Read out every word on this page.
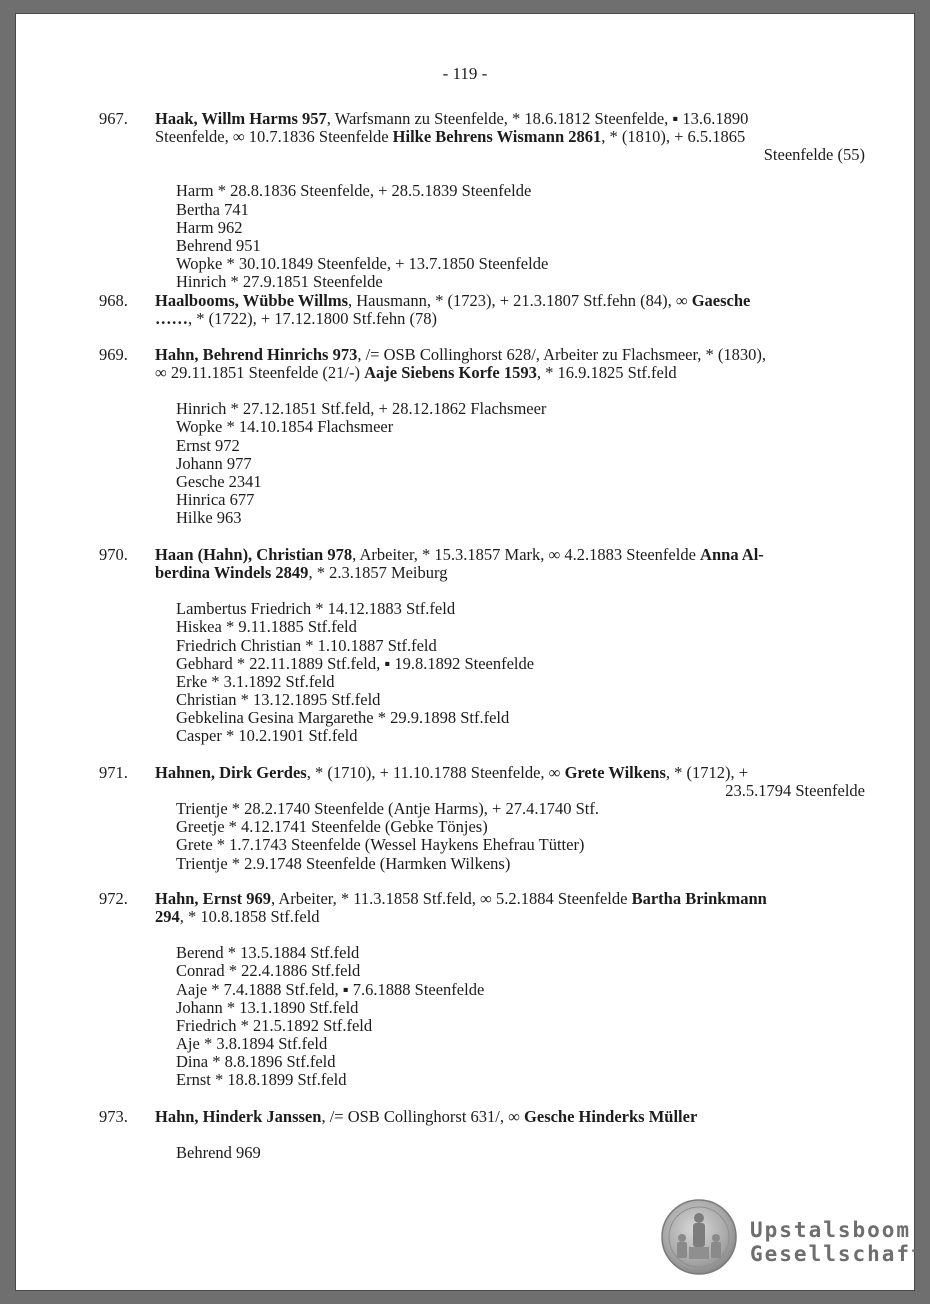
- 119 -
967. Haak, Willm Harms 957, Warfsmann zu Steenfelde, * 18.6.1812 Steenfelde, ▪ 13.6.1890
Steenfelde, ∞ 10.7.1836 Steenfelde Hilke Behrens Wismann 2861, * (1810), + 6.5.1865
Steenfelde (55)
Harm * 28.8.1836 Steenfelde, + 28.5.1839 Steenfelde
Bertha 741
Harm 962
Behrend 951
Wopke * 30.10.1849 Steenfelde, + 13.7.1850 Steenfelde
Hinrich * 27.9.1851 Steenfelde
968. Haalbooms, Wübbe Willms, Hausmann, * (1723), + 21.3.1807 Stf.fehn (84), ∞ Gaesche
……, * (1722), + 17.12.1800 Stf.fehn (78)
969. Hahn, Behrend Hinrichs 973, /= OSB Collinghorst 628/, Arbeiter zu Flachsmeer, * (1830),
∞ 29.11.1851 Steenfelde (21/-) Aaje Siebens Korfe 1593, * 16.9.1825 Stf.feld
Hinrich * 27.12.1851 Stf.feld, + 28.12.1862 Flachsmeer
Wopke * 14.10.1854 Flachsmeer
Ernst 972
Johann 977
Gesche 2341
Hinrica 677
Hilke 963
970. Haan (Hahn), Christian 978, Arbeiter, * 15.3.1857 Mark, ∞ 4.2.1883 Steenfelde Anna Al-
berdina Windels 2849, * 2.3.1857 Meiburg
Lambertus Friedrich * 14.12.1883 Stf.feld
Hiskea * 9.11.1885 Stf.feld
Friedrich Christian * 1.10.1887 Stf.feld
Gebhard * 22.11.1889 Stf.feld, ▪ 19.8.1892 Steenfelde
Erke * 3.1.1892 Stf.feld
Christian * 13.12.1895 Stf.feld
Gebkelina Gesina Margarethe * 29.9.1898 Stf.feld
Casper * 10.2.1901 Stf.feld
971. Hahnen, Dirk Gerdes, * (1710), + 11.10.1788 Steenfelde, ∞ Grete Wilkens, * (1712), +
23.5.1794 Steenfelde
Trientje * 28.2.1740 Steenfelde (Antje Harms), + 27.4.1740 Stf.
Greetje * 4.12.1741 Steenfelde (Gebke Tönjes)
Grete * 1.7.1743 Steenfelde (Wessel Haykens Ehefrau Tütter)
Trientje * 2.9.1748 Steenfelde (Harmken Wilkens)
972. Hahn, Ernst 969, Arbeiter, * 11.3.1858 Stf.feld, ∞ 5.2.1884 Steenfelde Bartha Brinkmann
294, * 10.8.1858 Stf.feld
Berend * 13.5.1884 Stf.feld
Conrad * 22.4.1886 Stf.feld
Aaje * 7.4.1888 Stf.feld, ▪ 7.6.1888 Steenfelde
Johann * 13.1.1890 Stf.feld
Friedrich * 21.5.1892 Stf.feld
Aje * 3.8.1894 Stf.feld
Dina * 8.8.1896 Stf.feld
Ernst * 18.8.1899 Stf.feld
973. Hahn, Hinderk Janssen, /= OSB Collinghorst 631/, ∞ Gesche Hinderks Müller
Behrend 969
Upstalsboom
Gesellschaft
